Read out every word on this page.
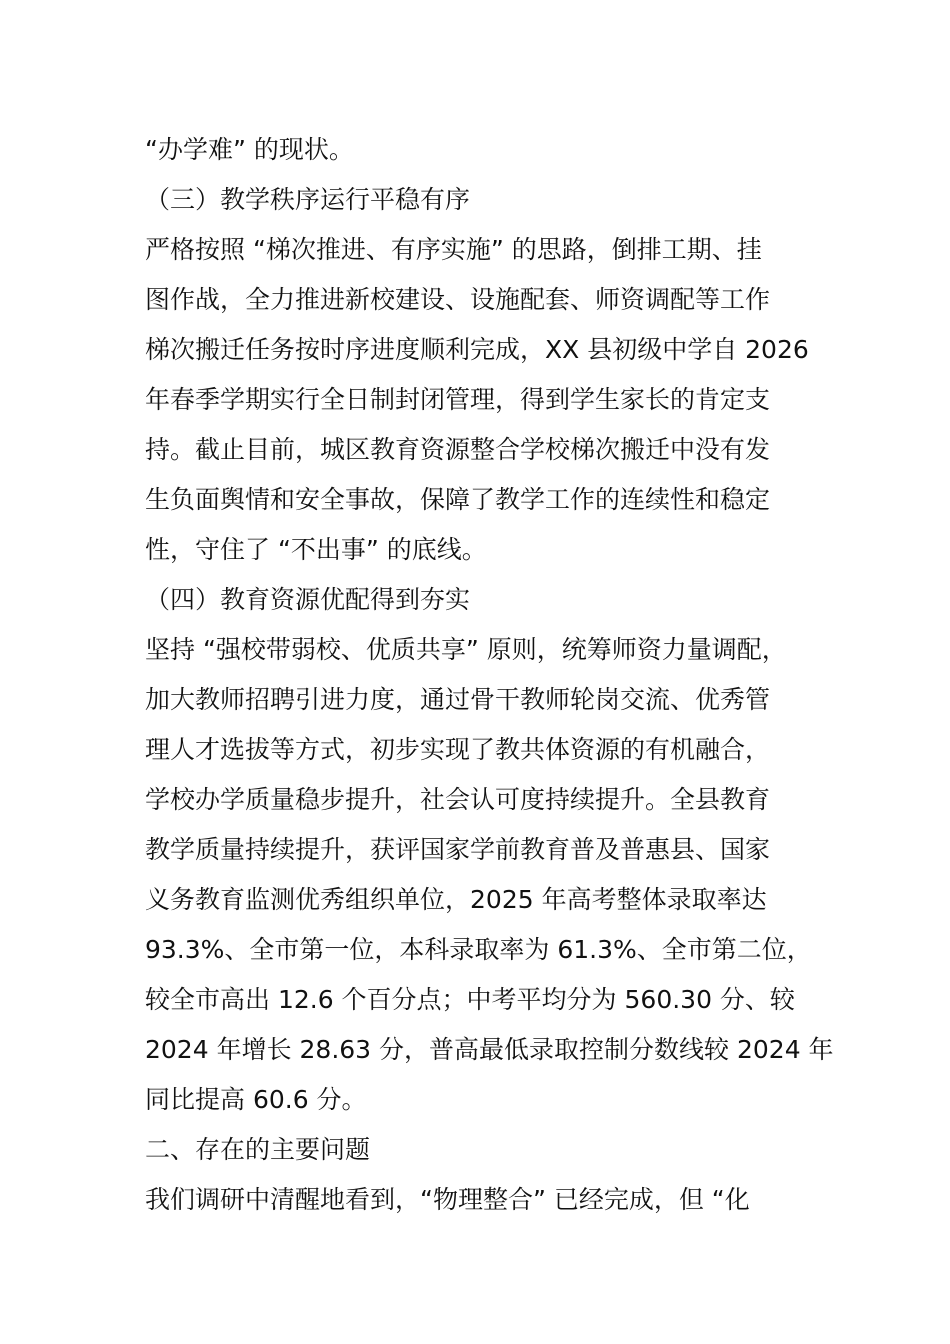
“办学难” 的现状。
（三）教学秩序运行平稳有序
严格按照 “梯次推进、有序实施” 的思路，倒排工期、挂
图作战，全力推进新校建设、设施配套、师资调配等工作
梯次搬迁任务按时序进度顺利完成，XX 县初级中学自 2026
年春季学期实行全日制封闭管理，得到学生家长的肯定支
持。截止目前，城区教育资源整合学校梯次搬迁中没有发
生负面舆情和安全事故，保障了教学工作的连续性和稳定
性，守住了 “不出事” 的底线。
（四）教育资源优配得到夯实
坚持 “强校带弱校、优质共享” 原则，统筹师资力量调配，
加大教师招聘引进力度，通过骨干教师轮岗交流、优秀管
理人才选拔等方式，初步实现了教共体资源的有机融合，
学校办学质量稳步提升，社会认可度持续提升。全县教育
教学质量持续提升，获评国家学前教育普及普惠县、国家
义务教育监测优秀组织单位，2025 年高考整体录取率达
93.3%、全市第一位，本科录取率为 61.3%、全市第二位，
较全市高出 12.6 个百分点；中考平均分为 560.30 分、较
2024 年增长 28.63 分，普高最低录取控制分数线较 2024 年
同比提高 60.6 分。
二、存在的主要问题
我们调研中清醒地看到，“物理整合” 已经完成，但 “化
